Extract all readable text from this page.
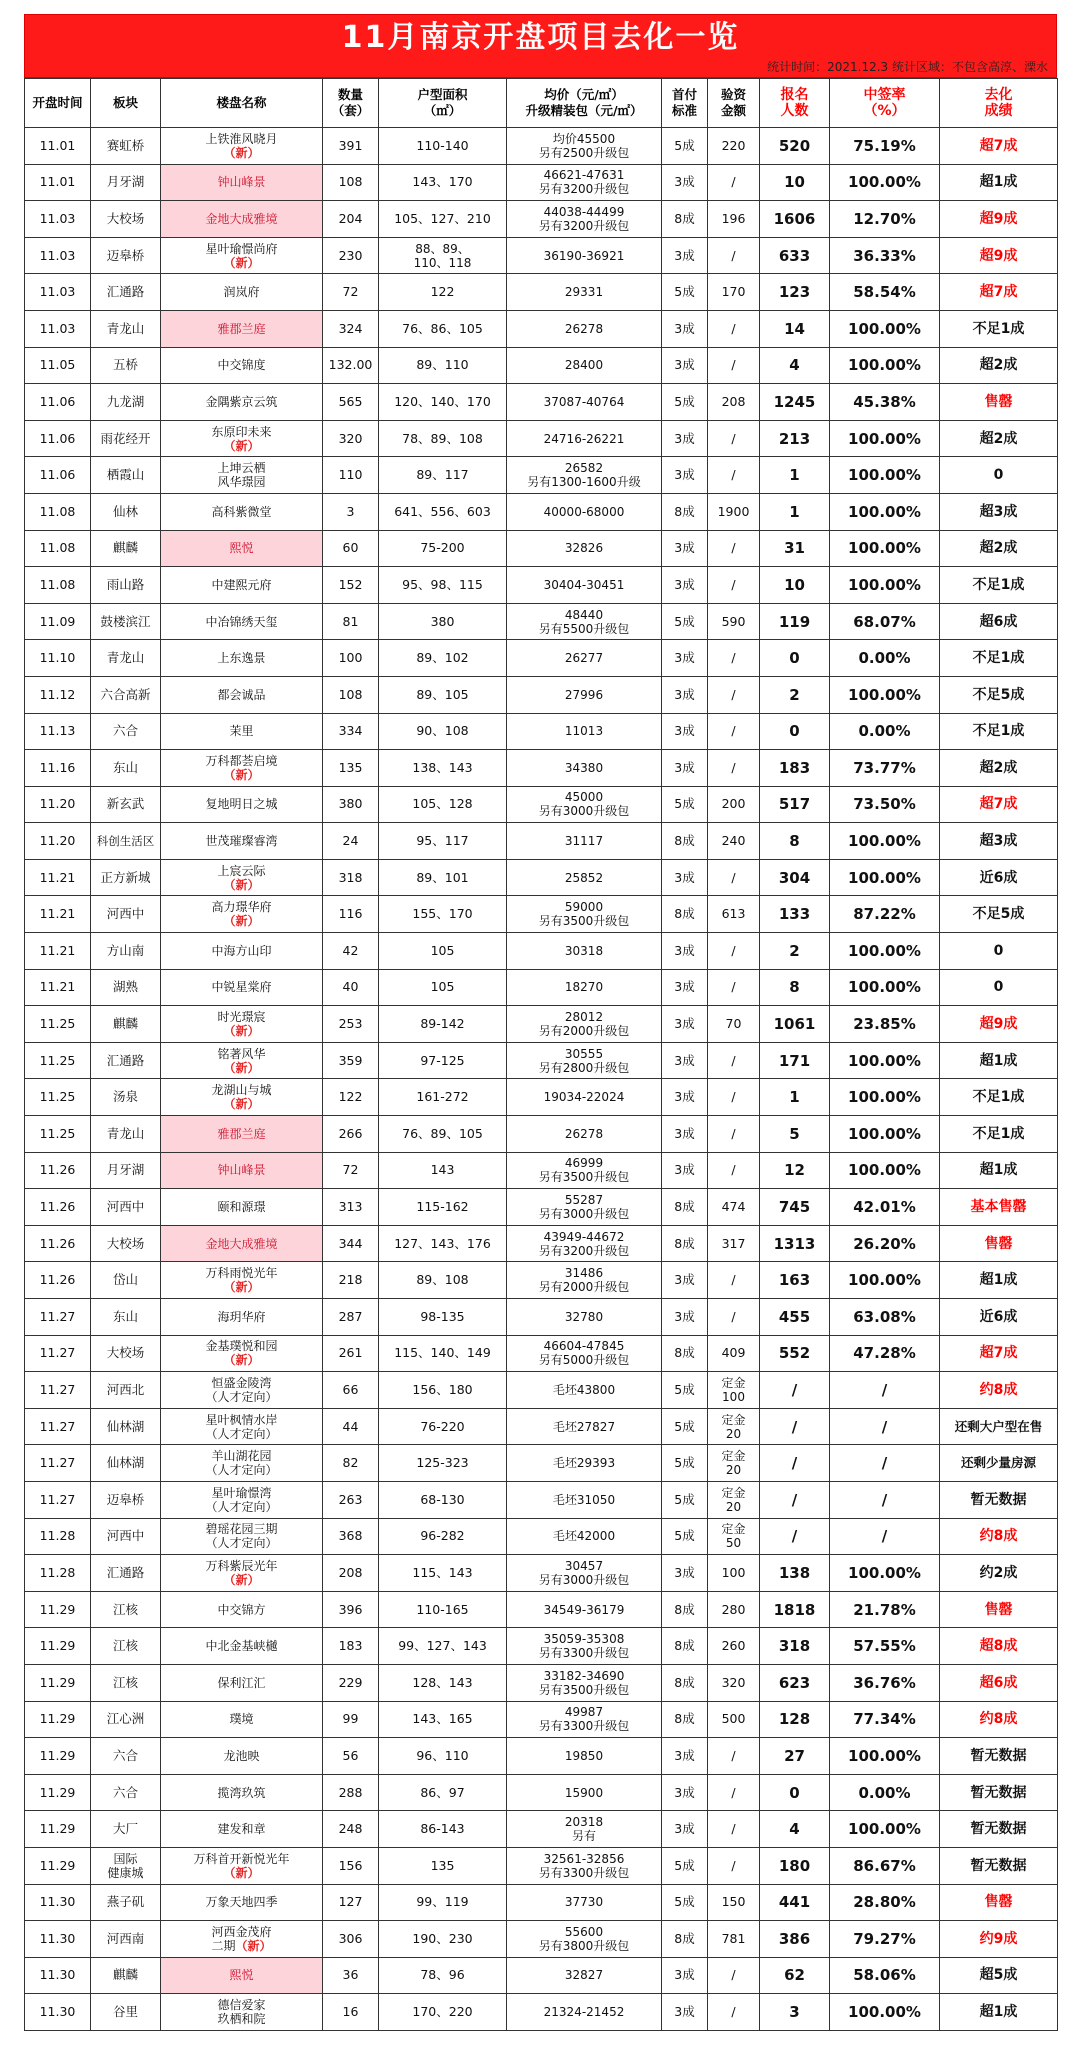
11月南京开盘项目去化一览
统计时间：2021.12.3 统计区域：不包含高淳、溧水
开盘时间	板块	楼盘名称	数量
（套）	户型面积
（㎡）	均价（元/㎡）
升级精装包（元/㎡）	首付
标准	验资
金额	报名
人数	中签率
（%）	去化
成绩
11.01	赛虹桥	上铁淮风晓月
（新）	391	110-140	均价45500
另有2500升级包	5成	220	520	75.19%	超7成
11.01	月牙湖	钟山峰景	108	143、170	46621-47631
另有3200升级包	3成	/	10	100.00%	超1成
11.03	大校场	金地大成雅境	204	105、127、210	44038-44499
另有3200升级包	8成	196	1606	12.70%	超9成
11.03	迈皋桥	星叶瑜憬尚府
（新）	230	88、89、
110、118	36190-36921	3成	/	633	36.33%	超9成
11.03	汇通路	润岚府	72	122	29331	5成	170	123	58.54%	超7成
11.03	青龙山	雅郡兰庭	324	76、86、105	26278	3成	/	14	100.00%	不足1成
11.05	五桥	中交锦度	132.00	89、110	28400	3成	/	4	100.00%	超2成
11.06	九龙湖	金隅紫京云筑	565	120、140、170	37087-40764	5成	208	1245	45.38%	售罄
11.06	雨花经开	东原印未来
（新）	320	78、89、108	24716-26221	3成	/	213	100.00%	超2成
11.06	栖霞山	上坤云栖
风华璟园	110	89、117	26582
另有1300-1600升级	3成	/	1	100.00%	0
11.08	仙林	高科紫微堂	3	641、556、603	40000-68000	8成	1900	1	100.00%	超3成
11.08	麒麟	熙悦	60	75-200	32826	3成	/	31	100.00%	超2成
11.08	雨山路	中建熙元府	152	95、98、115	30404-30451	3成	/	10	100.00%	不足1成
11.09	鼓楼滨江	中冶锦绣天玺	81	380	48440
另有5500升级包	5成	590	119	68.07%	超6成
11.10	青龙山	上东逸景	100	89、102	26277	3成	/	0	0.00%	不足1成
11.12	六合高新	都会诚品	108	89、105	27996	3成	/	2	100.00%	不足5成
11.13	六合	茉里	334	90、108	11013	3成	/	0	0.00%	不足1成
11.16	东山	万科都荟启境
（新）	135	138、143	34380	3成	/	183	73.77%	超2成
11.20	新玄武	复地明日之城	380	105、128	45000
另有3000升级包	5成	200	517	73.50%	超7成
11.20	科创生活区	世茂璀璨睿湾	24	95、117	31117	8成	240	8	100.00%	超3成
11.21	正方新城	上宸云际
（新）	318	89、101	25852	3成	/	304	100.00%	近6成
11.21	河西中	高力璟华府
（新）	116	155、170	59000
另有3500升级包	8成	613	133	87.22%	不足5成
11.21	方山南	中海方山印	42	105	30318	3成	/	2	100.00%	0
11.21	湖熟	中锐星棠府	40	105	18270	3成	/	8	100.00%	0
11.25	麒麟	时光璟宸
（新）	253	89-142	28012
另有2000升级包	3成	70	1061	23.85%	超9成
11.25	汇通路	铭著风华
（新）	359	97-125	30555
另有2800升级包	3成	/	171	100.00%	超1成
11.25	汤泉	龙湖山与城
（新）	122	161-272	19034-22024	3成	/	1	100.00%	不足1成
11.25	青龙山	雅郡兰庭	266	76、89、105	26278	3成	/	5	100.00%	不足1成
11.26	月牙湖	钟山峰景	72	143	46999
另有3500升级包	3成	/	12	100.00%	超1成
11.26	河西中	颐和源璟	313	115-162	55287
另有3000升级包	8成	474	745	42.01%	基本售罄
11.26	大校场	金地大成雅境	344	127、143、176	43949-44672
另有3200升级包	8成	317	1313	26.20%	售罄
11.26	岱山	万科雨悦光年
（新）	218	89、108	31486
另有2000升级包	3成	/	163	100.00%	超1成
11.27	东山	海玥华府	287	98-135	32780	3成	/	455	63.08%	近6成
11.27	大校场	金基璞悦和园
（新）	261	115、140、149	46604-47845
另有5000升级包	8成	409	552	47.28%	超7成
11.27	河西北	恒盛金陵湾
（人才定向）	66	156、180	毛坯43800	5成	定金
100	/	/	约8成
11.27	仙林湖	星叶枫情水岸
（人才定向）	44	76-220	毛坯27827	5成	定金
20	/	/	还剩大户型在售
11.27	仙林湖	羊山湖花园
（人才定向）	82	125-323	毛坯29393	5成	定金
20	/	/	还剩少量房源
11.27	迈皋桥	星叶瑜憬湾
（人才定向）	263	68-130	毛坯31050	5成	定金
20	/	/	暂无数据
11.28	河西中	碧瑶花园三期
（人才定向）	368	96-282	毛坯42000	5成	定金
50	/	/	约8成
11.28	汇通路	万科紫辰光年
（新）	208	115、143	30457
另有3000升级包	3成	100	138	100.00%	约2成
11.29	江核	中交锦方	396	110-165	34549-36179	8成	280	1818	21.78%	售罄
11.29	江核	中北金基峡樾	183	99、127、143	35059-35308
另有3300升级包	8成	260	318	57.55%	超8成
11.29	江核	保利江汇	229	128、143	33182-34690
另有3500升级包	8成	320	623	36.76%	超6成
11.29	江心洲	璞境	99	143、165	49987
另有3300升级包	8成	500	128	77.34%	约8成
11.29	六合	龙池映	56	96、110	19850	3成	/	27	100.00%	暂无数据
11.29	六合	揽湾玖筑	288	86、97	15900	3成	/	0	0.00%	暂无数据
11.29	大厂	建发和章	248	86-143	20318
另有	3成	/	4	100.00%	暂无数据
11.29	国际
健康城	万科首开新悦光年
（新）	156	135	32561-32856
另有3300升级包	5成	/	180	86.67%	暂无数据
11.30	燕子矶	万象天地四季	127	99、119	37730	5成	150	441	28.80%	售罄
11.30	河西南	河西金茂府
二期（新）	306	190、230	55600
另有3800升级包	8成	781	386	79.27%	约9成
11.30	麒麟	熙悦	36	78、96	32827	3成	/	62	58.06%	超5成
11.30	谷里	德信爱家
玖栖和院	16	170、220	21324-21452	3成	/	3	100.00%	超1成
